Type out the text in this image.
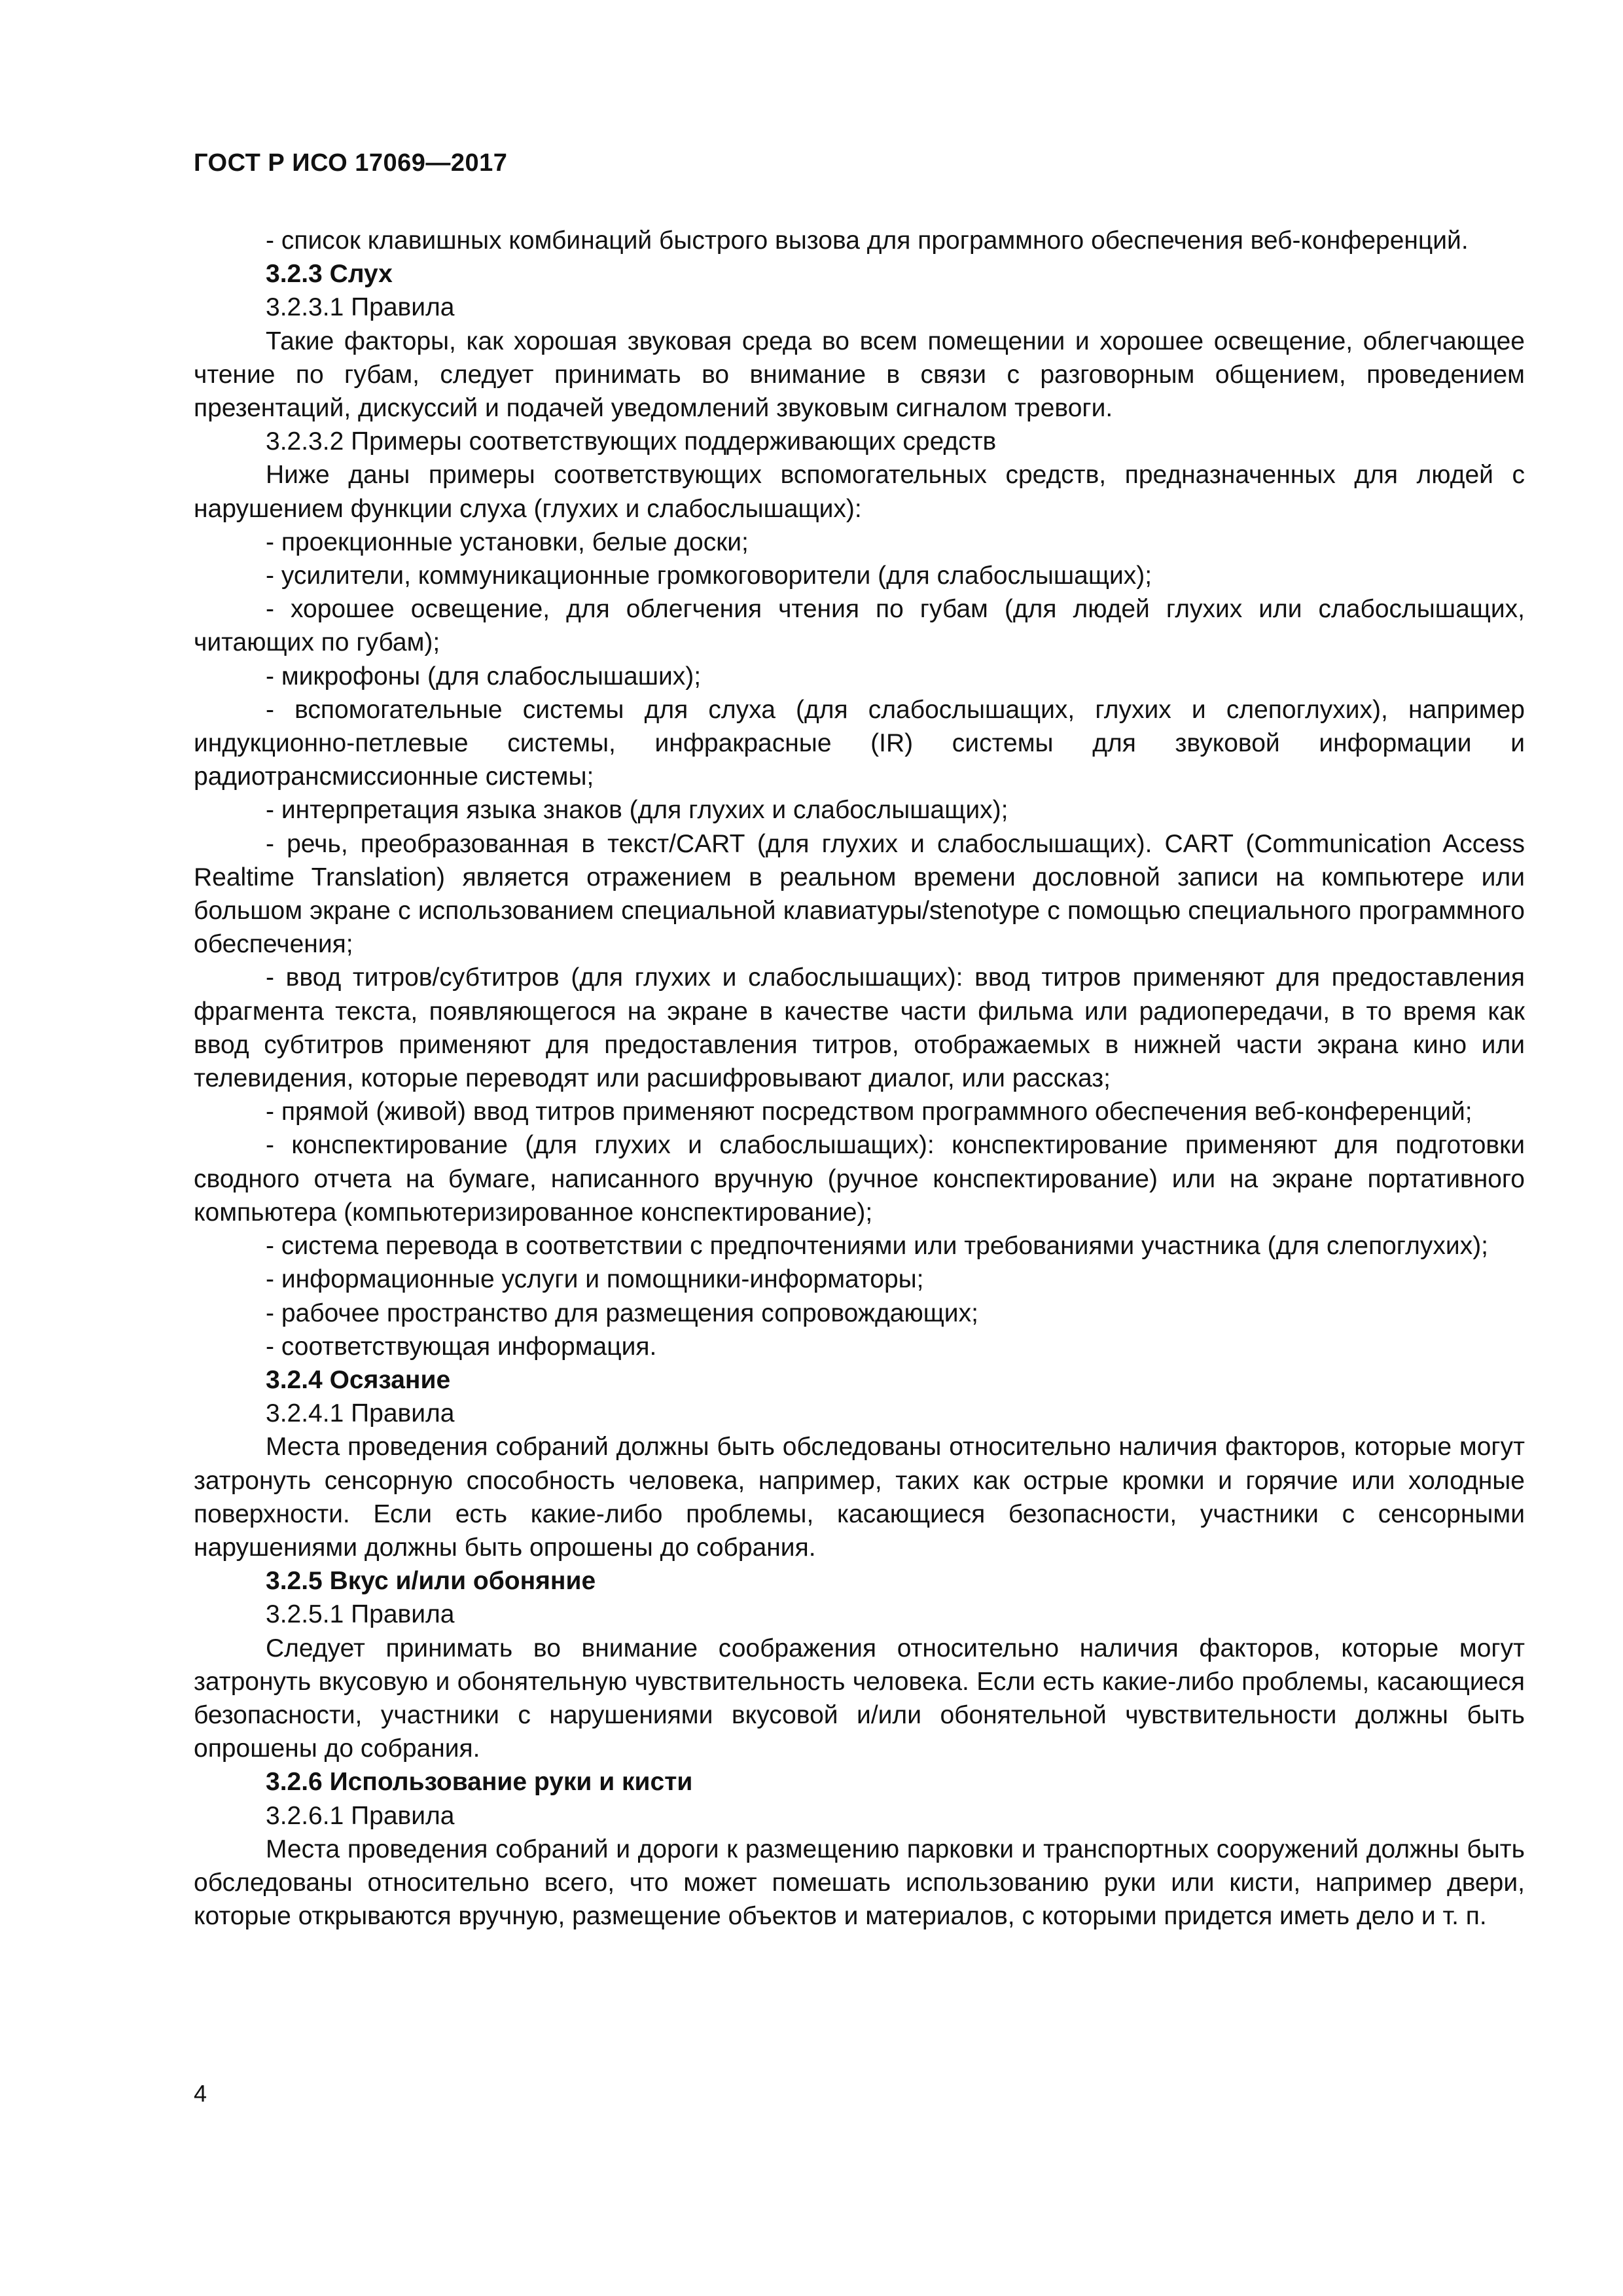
ГОСТ Р ИСО 17069—2017

- список клавишных комбинаций быстрого вызова для программного обеспечения веб-конференций.

3.2.3 Слух

3.2.3.1 Правила

Такие факторы, как хорошая звуковая среда во всем помещении и хорошее освещение, облегчающее чтение по губам, следует принимать во внимание в связи с разговорным общением, проведением презентаций, дискуссий и подачей уведомлений звуковым сигналом тревоги.

3.2.3.2 Примеры соответствующих поддерживающих средств

Ниже даны примеры соответствующих вспомогательных средств, предназначенных для людей с нарушением функции слуха (глухих и слабослышащих):

- проекционные установки, белые доски;

- усилители, коммуникационные громкоговорители (для слабослышащих);

- хорошее освещение, для облегчения чтения по губам (для людей глухих или слабослышащих, читающих по губам);

- микрофоны (для слабослышаших);

- вспомогательные системы для слуха (для слабослышащих, глухих и слепоглухих), например индукционно-петлевые системы, инфракрасные (IR) системы для звуковой информации и радиотрансмиссионные системы;

- интерпретация языка знаков (для глухих и слабослышащих);

- речь, преобразованная в текст/CART (для глухих и слабослышащих). CART (Communication Access Realtime Translation) является отражением в реальном времени дословной записи на компьютере или большом экране с использованием специальной клавиатуры/stenotype с помощью специального программного обеспечения;

- ввод титров/субтитров (для глухих и слабослышащих): ввод титров применяют для предоставления фрагмента текста, появляющегося на экране в качестве части фильма или радиопередачи, в то время как ввод субтитров применяют для предоставления титров, отображаемых в нижней части экрана кино или телевидения, которые переводят или расшифровывают диалог, или рассказ;

- прямой (живой) ввод титров применяют посредством программного обеспечения веб-конференций;

- конспектирование (для глухих и слабослышащих): конспектирование применяют для подготовки сводного отчета на бумаге, написанного вручную (ручное конспектирование) или на экране портативного компьютера (компьютеризированное конспектирование);

- система перевода в соответствии с предпочтениями или требованиями участника (для слепоглухих);

- информационные услуги и помощники-информаторы;

- рабочее пространство для размещения сопровождающих;

- соответствующая информация.

3.2.4 Осязание

3.2.4.1 Правила

Места проведения собраний должны быть обследованы относительно наличия факторов, которые могут затронуть сенсорную способность человека, например, таких как острые кромки и горячие или холодные поверхности. Если есть какие-либо проблемы, касающиеся безопасности, участники с сенсорными нарушениями должны быть опрошены до собрания.

3.2.5 Вкус и/или обоняние

3.2.5.1 Правила

Следует принимать во внимание соображения относительно наличия факторов, которые могут затронуть вкусовую и обонятельную чувствительность человека. Если есть какие-либо проблемы, касающиеся безопасности, участники с нарушениями вкусовой и/или обонятельной чувствительности должны быть опрошены до собрания.

3.2.6 Использование руки и кисти

3.2.6.1 Правила

Места проведения собраний и дороги к размещению парковки и транспортных сооружений должны быть обследованы относительно всего, что может помешать использованию руки или кисти, например двери, которые открываются вручную, размещение объектов и материалов, с которыми придется иметь дело и т. п.

4
